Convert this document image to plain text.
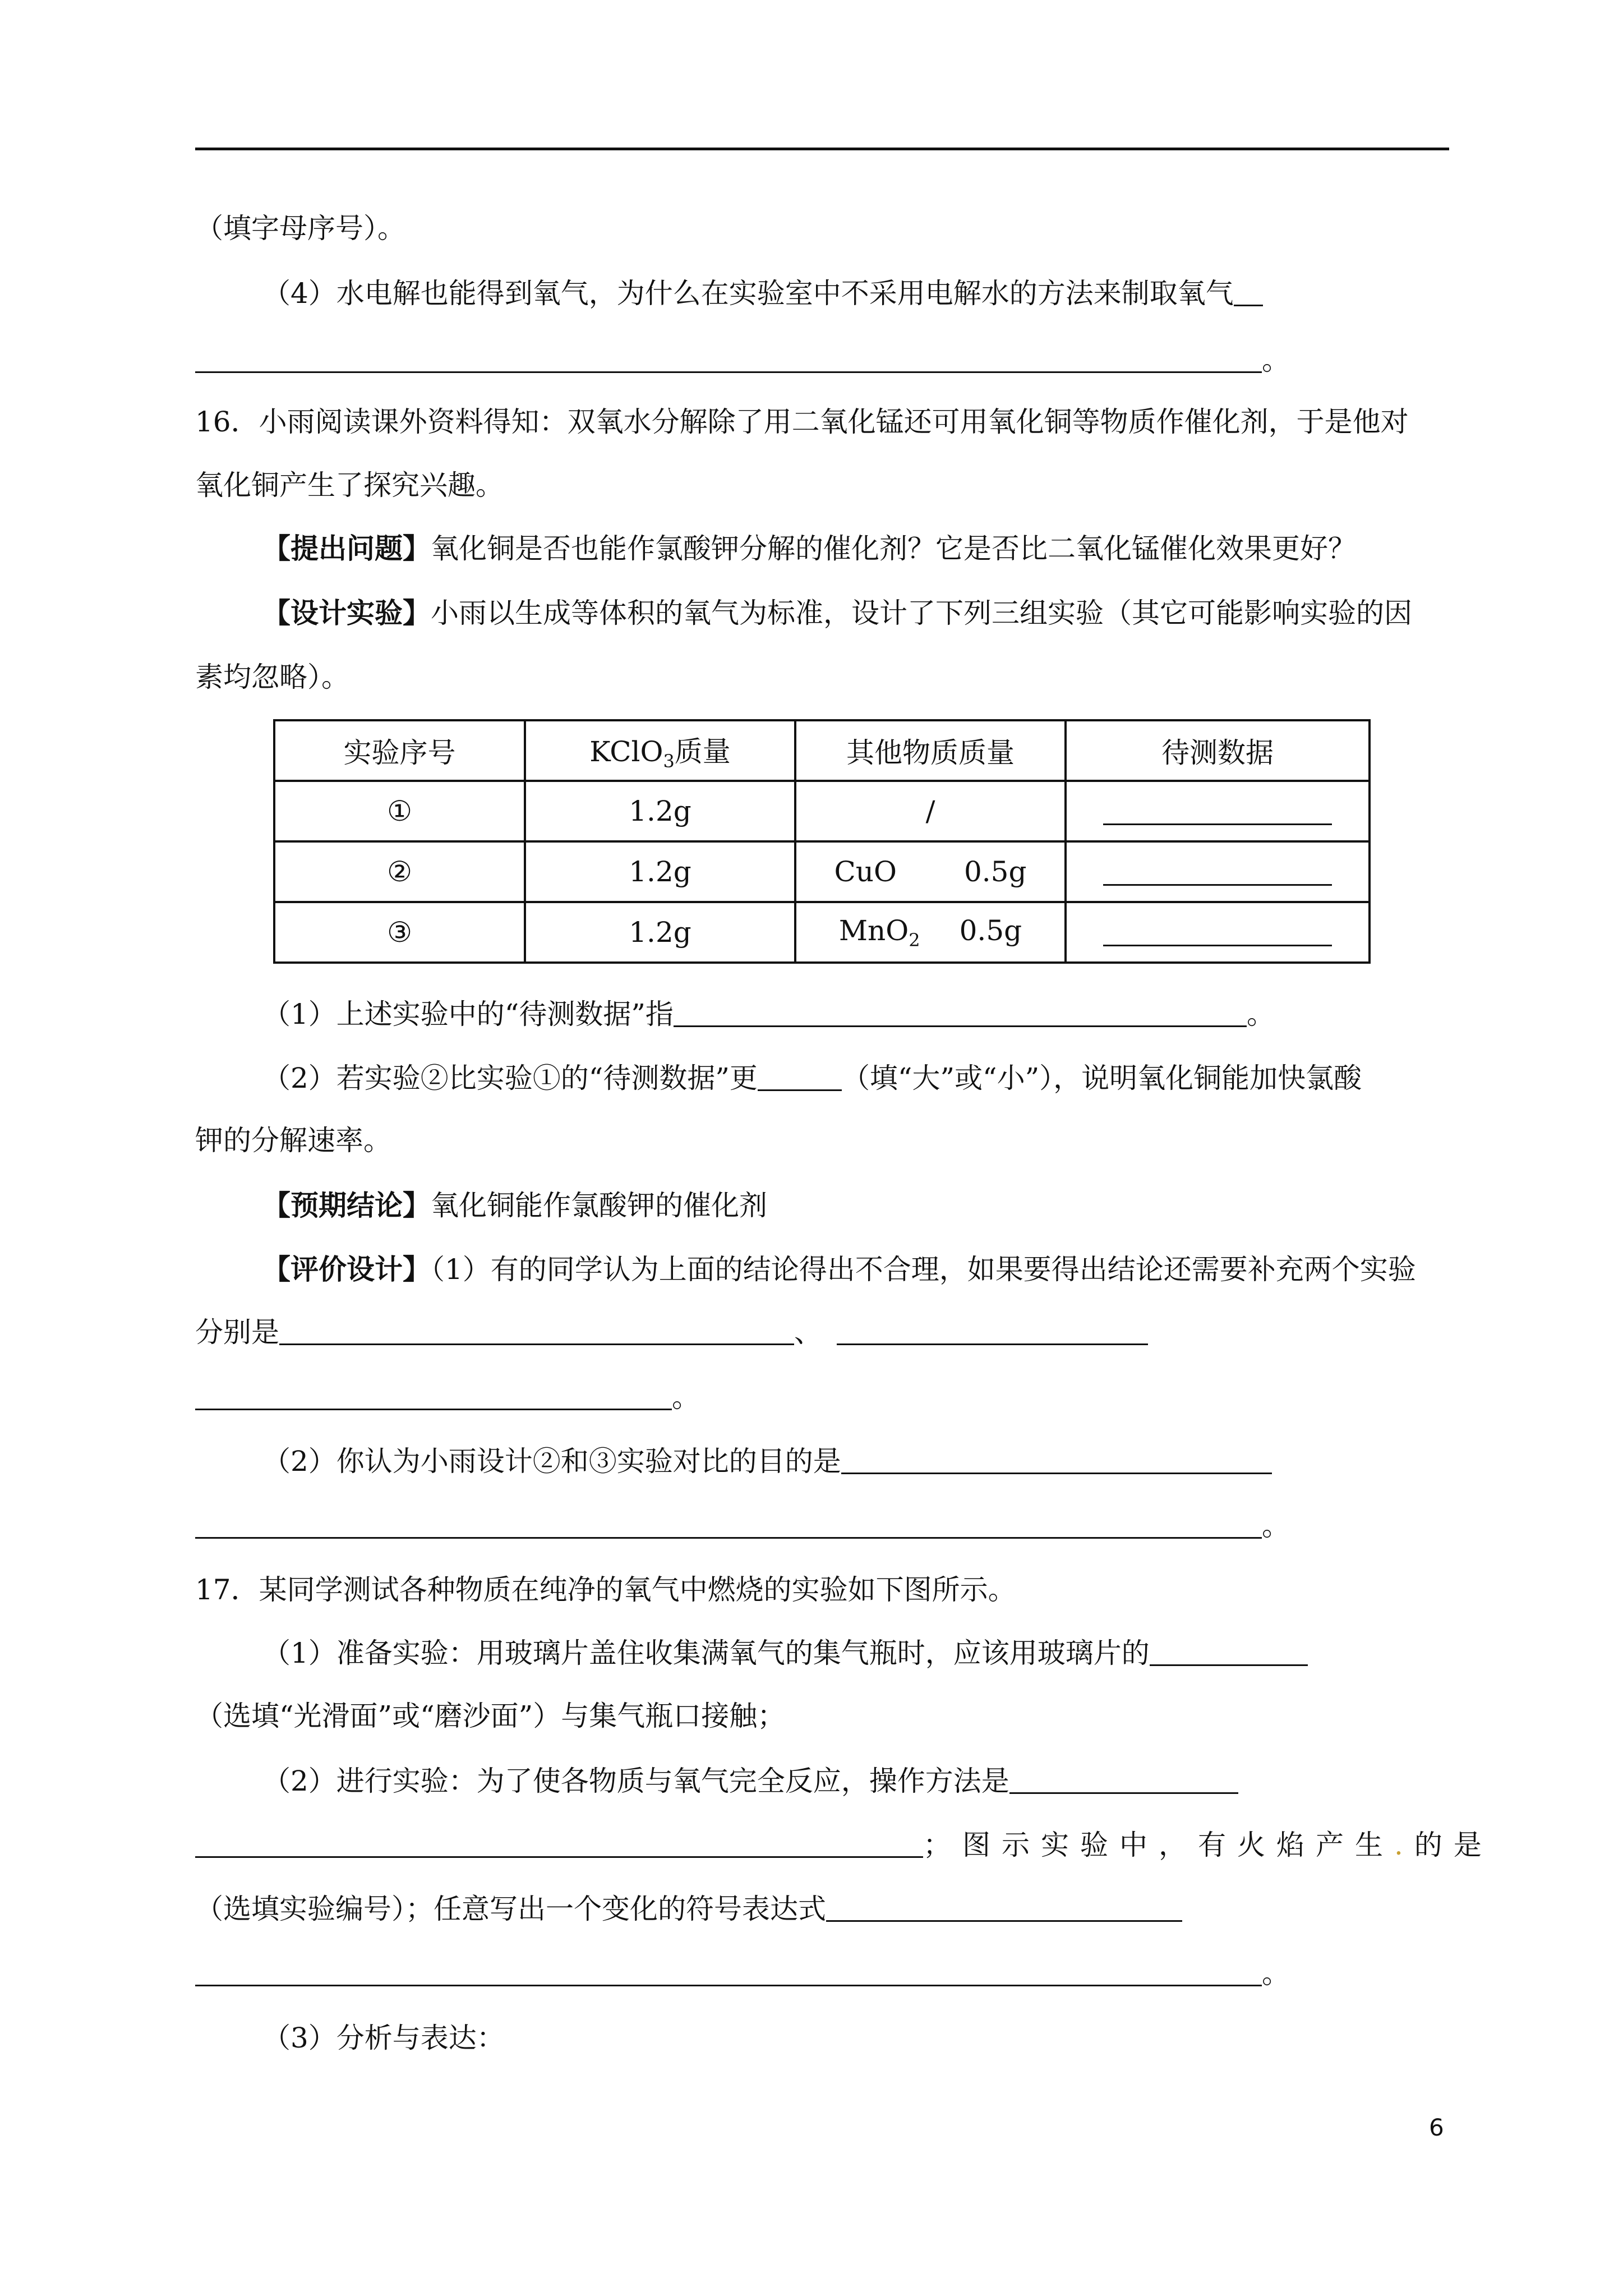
（填字母序号）。
（4）水电解也能得到氧气，为什么在实验室中不采用电解水的方法来制取氧气
。
16．小雨阅读课外资料得知：双氧水分解除了用二氧化锰还可用氧化铜等物质作催化剂，于是他对
氧化铜产生了探究兴趣。
【提出问题】氧化铜是否也能作氯酸钾分解的催化剂？它是否比二氧化锰催化效果更好？
【设计实验】小雨以生成等体积的氧气为标准，设计了下列三组实验（其它可能影响实验的因
素均忽略）。
实验序号	KClO$_3$质量	其他物质质量	待测数据
①	1.2g	/	
②	1.2g	CuO 0.5g	
③	1.2g	MnO$_2$ 0.5g	
（1）上述实验中的“待测数据”指	。
（2）若实验②比实验①的“待测数据”更	（填“大”或“小”），说明氧化铜能加快氯酸
钾的分解速率。
【预期结论】氧化铜能作氯酸钾的催化剂
【评价设计】（1）有的同学认为上面的结论得出不合理，如果要得出结论还需要补充两个实验
分别是	、
。
（2）你认为小雨设计②和③实验对比的目的是
。
17．某同学测试各种物质在纯净的氧气中燃烧的实验如下图所示。
（1）准备实验：用玻璃片盖住收集满氧气的集气瓶时，应该用玻璃片的
（选填“光滑面”或“磨沙面”）与集气瓶口接触；
（2）进行实验：为了使各物质与氧气完全反应，操作方法是
；图示实验中，有火焰产生.的是
（选填实验编号）；任意写出一个变化的符号表达式
。
（3）分析与表达：
6
